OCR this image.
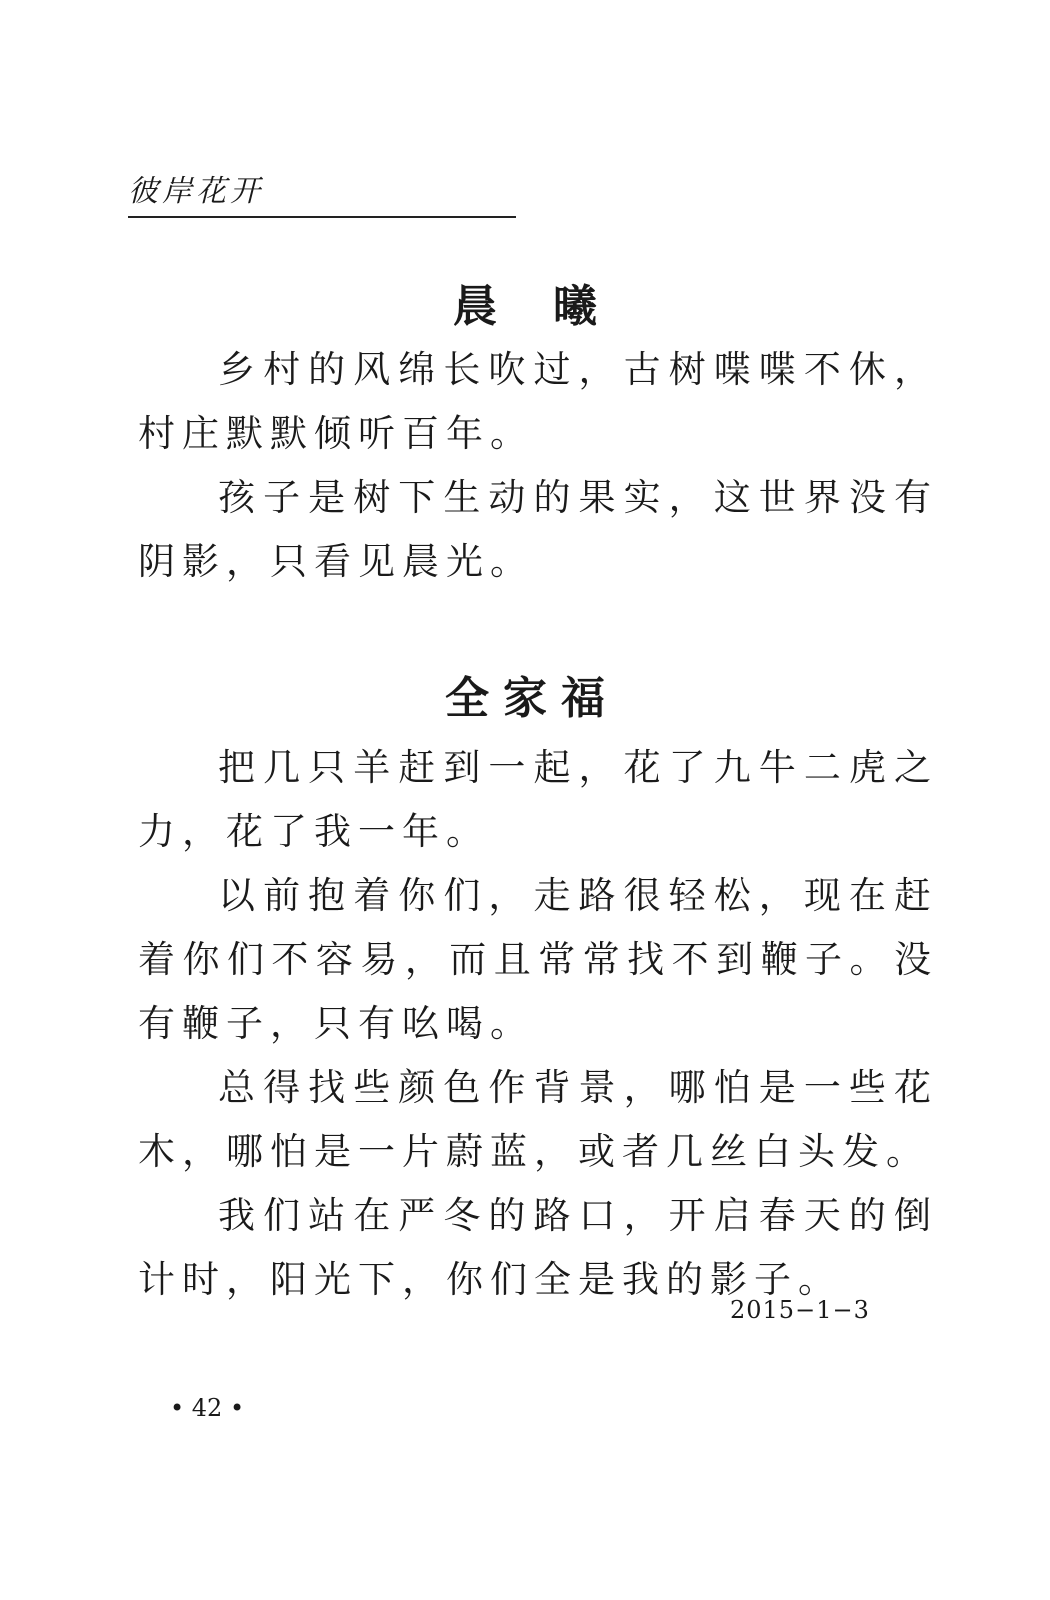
彼岸花开
晨曦

乡村的风绵长吹过，古树喋喋不休，村庄默默倾听百年。

孩子是树下生动的果实，这世界没有阴影，只看见晨光。

全家福

把几只羊赶到一起，花了九牛二虎之力，花了我一年。

以前抱着你们，走路很轻松，现在赶着你们不容易，而且常常找不到鞭子。没有鞭子，只有吆喝。

总得找些颜色作背景，哪怕是一些花木，哪怕是一片蔚蓝，或者几丝白头发。

我们站在严冬的路口，开启春天的倒计时，阳光下，你们全是我的影子。

2015−1−3
• 42 •
